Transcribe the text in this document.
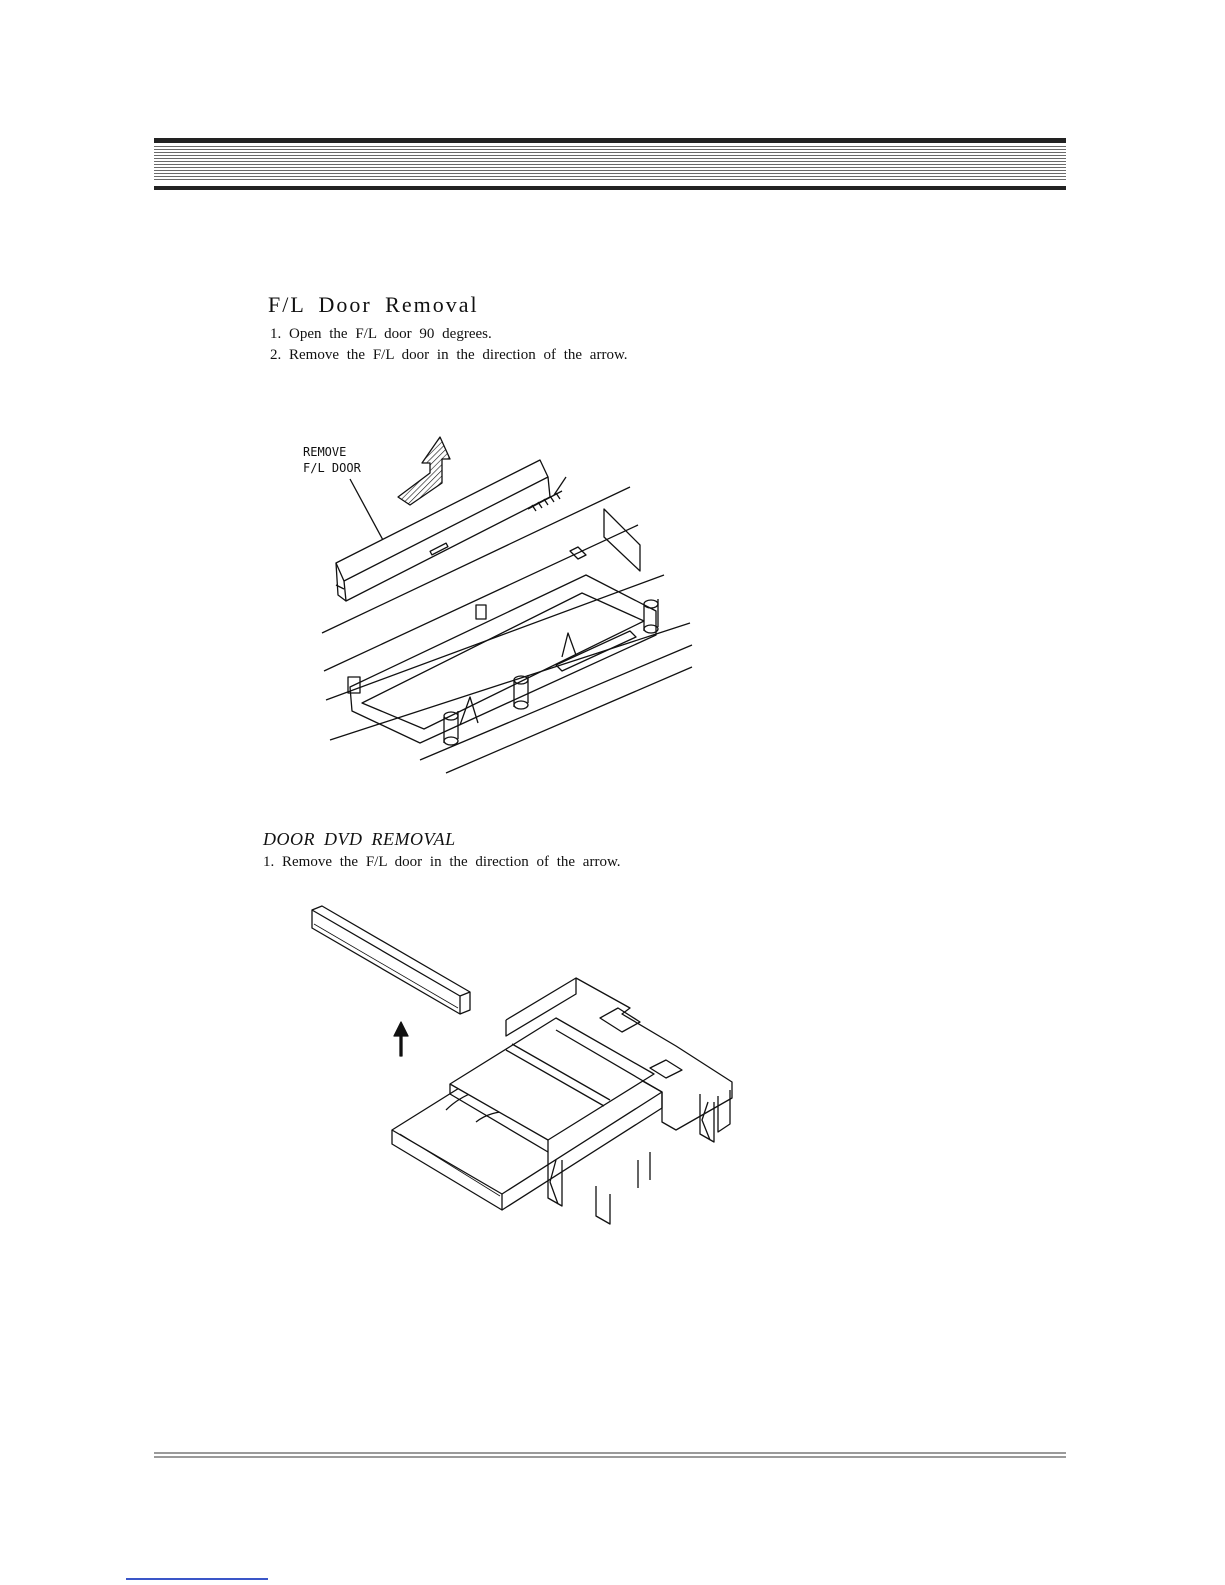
F/L Door Removal
1. Open the F/L door 90 degrees.
2. Remove the F/L door in the direction of the arrow.
REMOVE
F/L DOOR
DOOR DVD REMOVAL
1. Remove the F/L door in the direction of the arrow.
